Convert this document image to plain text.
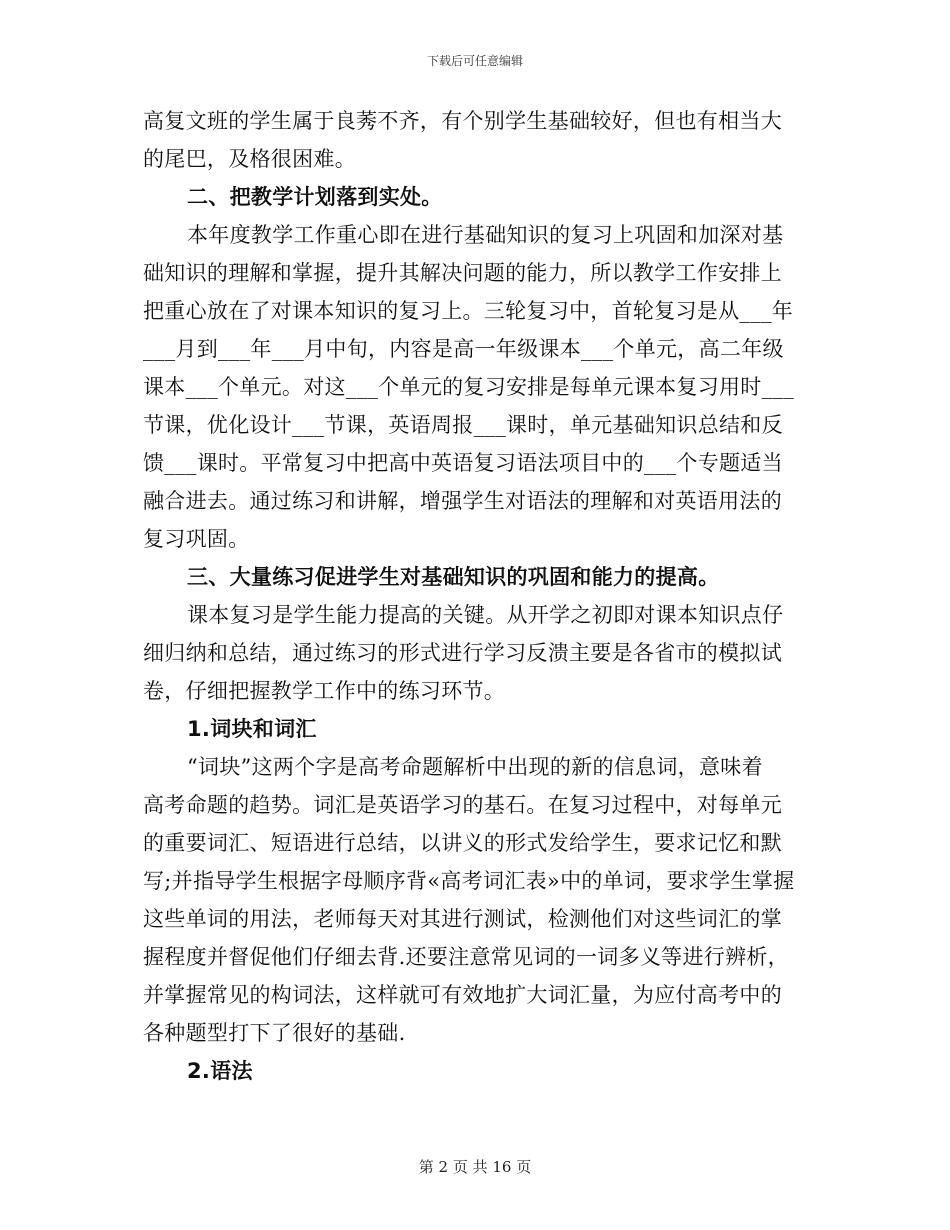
下载后可任意编辑
高复文班的学生属于良莠不齐，有个别学生基础较好，但也有相当大
的尾巴，及格很困难。
二、把教学计划落到实处。
本年度教学工作重心即在进行基础知识的复习上巩固和加深对基
础知识的理解和掌握，提升其解决问题的能力，所以教学工作安排上
把重心放在了对课本知识的复习上。三轮复习中，首轮复习是从___年
___月到___年___月中旬，内容是高一年级课本___个单元，高二年级
课本___个单元。对这___个单元的复习安排是每单元课本复习用时___
节课，优化设计___节课，英语周报___课时，单元基础知识总结和反
馈___课时。平常复习中把高中英语复习语法项目中的___个专题适当
融合进去。通过练习和讲解，增强学生对语法的理解和对英语用法的
复习巩固。
三、大量练习促进学生对基础知识的巩固和能力的提高。
课本复习是学生能力提高的关键。从开学之初即对课本知识点仔
细归纳和总结，通过练习的形式进行学习反溃主要是各省市的模拟试
卷，仔细把握教学工作中的练习环节。
1.词块和词汇
“词块”这两个字是高考命题解析中出现的新的信息词，意味着
高考命题的趋势。词汇是英语学习的基石。在复习过程中，对每单元
的重要词汇、短语进行总结，以讲义的形式发给学生，要求记忆和默
写;并指导学生根据字母顺序背«高考词汇表»中的单词，要求学生掌握
这些单词的用法，老师每天对其进行测试，检测他们对这些词汇的掌
握程度并督促他们仔细去背.还要注意常见词的一词多义等进行辨析，
并掌握常见的构词法，这样就可有效地扩大词汇量，为应付高考中的
各种题型打下了很好的基础.
2.语法
第 2 页 共 16 页
